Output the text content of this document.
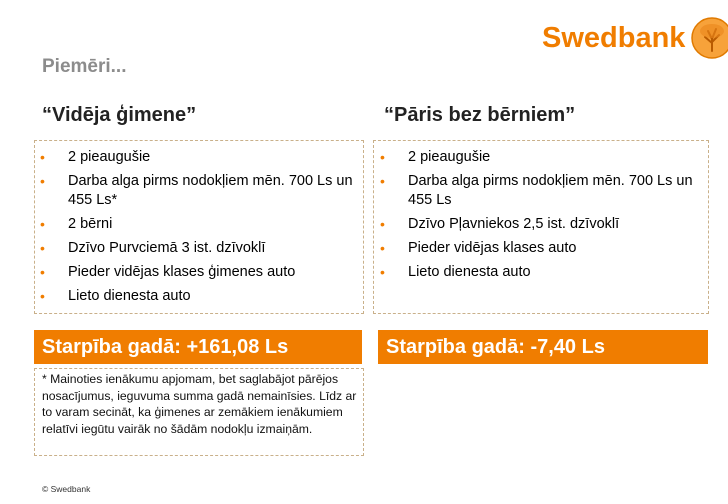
Swedbank
Piemēri...
“Vidēja ģimene”	“Pāris bez bērniem”
• 2 pieaugušie
• Darba alga pirms nodokļiem mēn. 700 Ls un 455 Ls*
• 2 bērni
• Dzīvo Purvciemā 3 ist. dzīvoklī
• Pieder vidējas klases ģimenes auto
• Lieto dienesta auto
• 2 pieaugušie
• Darba alga pirms nodokļiem mēn. 700 Ls un 455 Ls
• Dzīvo Pļavniekos 2,5 ist. dzīvoklī
• Pieder vidējas klases auto
• Lieto dienesta auto
Starpība gadā: +161,08 Ls	Starpība gadā: -7,40 Ls
* Mainoties ienākumu apjomam, bet saglabājot pārējos nosacījumus, ieguvuma summa gadā nemainīsies. Līdz ar to varam secināt, ka ģimenes ar zemākiem ienākumiem relatīvi iegūtu vairāk no šādām nodokļu izmaiņām.
© Swedbank
